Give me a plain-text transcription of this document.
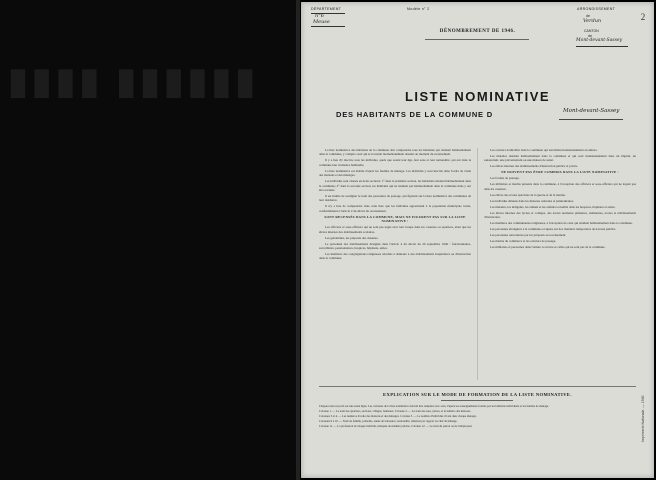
▮▮▮▮ ▮▮▮▮▮▮
DÉPARTEMENT	Modèle n° 2	ARRONDISSEMENT
n°6
Meuse
de
Verdun
CANTON
de
Mont-devant-Sassey
2
DÉNOMBREMENT DE 1946.
LISTE NOMINATIVE
DES HABITANTS DE LA COMMUNE D	Mont-devant-Sassey

La liste nominative des habitants de la commune doit comprendre tous les habitants qui résident habituellement dans la commune, y compris ceux qui se trouvent momentanément absents au moment du recensement.

Il y a lieu d'y inscrire tous les individus, quels que soient leur âge, leur sexe et leur nationalité, qui ont dans la commune leur résidence habituelle.

La liste nominative est établie d'après les feuilles de ménage. Les individus y sont inscrits dans l'ordre de visite des maisons et des ménages.

Les individus sont classés en deux sections: 1° dans la première section, les habitants résidant habituellement dans la commune; 2° dans la seconde section, les habitants qui ne résident pas habituellement dans la commune mais y ont été recensés.

Il est inutile de souligner le nom des personnes de passage, qui figurent sur la liste nominative des communes de leur résidence.

Il n'y a lieu de comprendre dans cette liste que les individus appartenant à la population municipale totale, conformément à l'article 2 du décret du recensement.

SONT RECENSÉS DANS LA COMMUNE, MAIS NE FIGURENT PAS SUR LA LISTE NOMINATIVE :

Les officiers et sous-officiers qui ne sont pas logés avec leur troupe dans les casernes ou quartiers, ainsi que les élèves internes des établissements scolaires.

Les gendarmes, les préposés des douanes.

Le personnel des établissements désignés dans l'article 4 du décret du 20 septembre 1946 : fonctionnaires, surveillants, pensionnaires, hospices, hôpitaux, asiles.

Les membres des congrégations religieuses attachés à demeure à des établissements hospitaliers ou d'instruction dans la commune.

Les ouvriers domiciliés dans la commune qui travaillent momentanément au dehors.

Les malades résidant habituellement dans la commune et qui sont momentanément dans un hôpital, un sanatorium, une préventorium ou une maison de santé.

Les élèves internes des établissements d'instruction publics et privés.

NE DOIVENT PAS ÊTRE COMPRIS DANS LA LISTE NOMINATIVE :

Les forains de passage.

Les militaires et marins présents dans la commune, à l'exception des officiers et sous-officiers qui ne logent pas dans les casernes.

Les élèves des écoles spéciales de la guerre et de la marine.

Les individus détenus dans les maisons centrales et pénitentiaires.

Les malades, les indigents, les aliénés et les enfants recueillis dans les hospices, hôpitaux et asiles.

Les élèves internes des lycées et collèges, des écoles normales primaires, séminaires, écoles et établissements d'instruction.

Les membres des communautés religieuses, à l'exception de ceux qui résident habituellement dans la commune.

Les personnes étrangères à la commune occupées sur des chantiers temporaires de travaux publics.

Les personnes rencontrées par les préposés au recensement.

Les marins du commerce et les ouvriers de passage.

Les militaires et personnes dans l'armée, le navire et celles qui ne sont pas de la commune.

EXPLICATION SUR LE MODE DE FORMATION DE LA LISTE NOMINATIVE.

Chaque nom est porté sur une seule ligne. Les colonnes de la liste nominative doivent être remplies avec soin, d'après les renseignements fournis par les bulletins individuels et les feuilles de ménage.

Colonne 1. — Le nom des quartiers, sections, villages, hameaux. Colonne 2. — Le nom des rues, places, et le numéro des maisons.

Colonnes 3 et 4. — Les numéros d'ordre des maisons et des ménages. Colonne 5. — Le nombre d'individus vivant dans chaque ménage.

Colonnes 6 à 10. — Nom de famille, prénoms, année de naissance, nationalité, situation par rapport au chef de ménage.

Colonne 11. — La profession de chaque individu, indiquée de manière précise. Colonne 12. — Le nom du patron ou de l'employeur.	Imprimerie Nationale. — 1946
